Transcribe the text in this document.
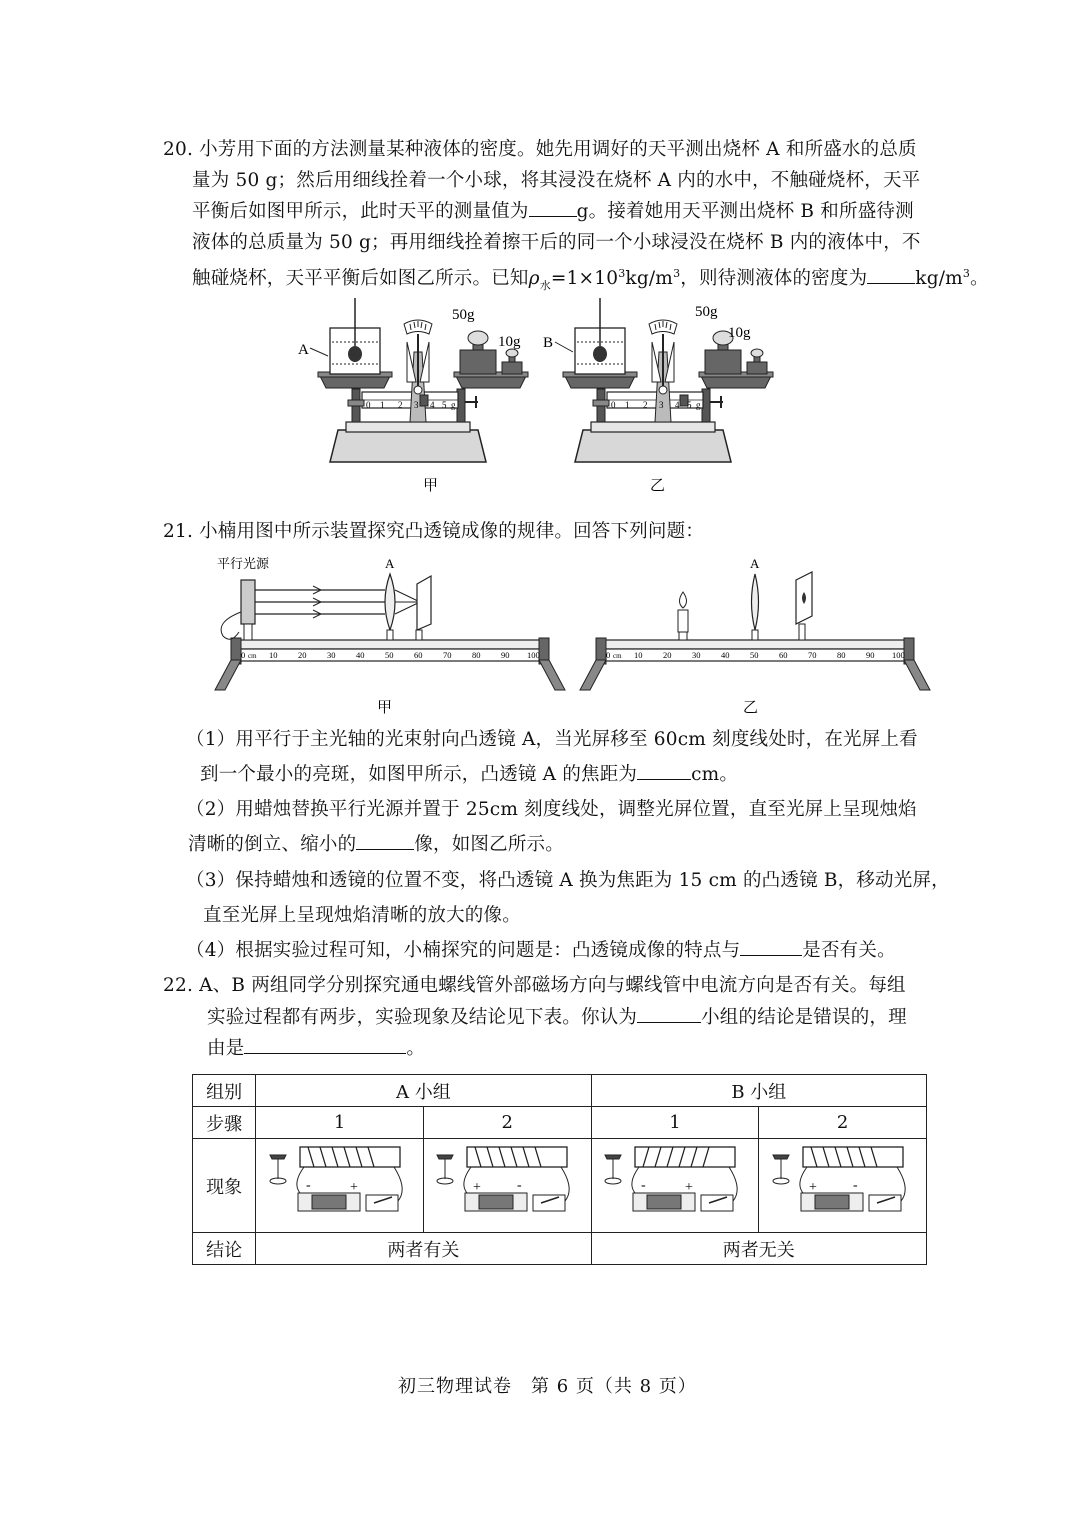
20. 小芳用下面的方法测量某种液体的密度。她先用调好的天平测出烧杯 A 和所盛水的总质
量为 50 g；然后用细线拴着一个小球，将其浸没在烧杯 A 内的水中，不触碰烧杯，天平
平衡后如图甲所示，此时天平的测量值为	g。接着她用天平测出烧杯 B 和所盛待测
液体的总质量为 50 g；再用细线拴着擦干后的同一个小球浸没在烧杯 B 内的液体中，不
触碰烧杯，天平平衡后如图乙所示。已知$\rho_水=1\times 10^3kg/m^3$，则待测液体的密度为	$kg/m^3$。
A
50g
10g B
50g
10g
0 1 2 3 4 5 g	0 1 2 3 4 5 g
甲	乙
21. 小楠用图中所示装置探究凸透镜成像的规律。回答下列问题：
平行光源	A	A
0 cm 10 20 30 40 50 60 70 80 90 100	0 cm 10 20 30 40 50 60 70 80 90 100
甲	乙
（1）用平行于主光轴的光束射向凸透镜 A，当光屏移至 60cm 刻度线处时，在光屏上看
到一个最小的亮斑，如图甲所示，凸透镜 A 的焦距为	cm。
（2）用蜡烛替换平行光源并置于 25cm 刻度线处，调整光屏位置，直至光屏上呈现烛焰
清晰的倒立、缩小的	像，如图乙所示。
（3）保持蜡烛和透镜的位置不变，将凸透镜 A 换为焦距为 15 cm 的凸透镜 B，移动光屏，
直至光屏上呈现烛焰清晰的放大的像。
（4）根据实验过程可知，小楠探究的问题是：凸透镜成像的特点与	是否有关。
22. A、B 两组同学分别探究通电螺线管外部磁场方向与螺线管中电流方向是否有关。每组
实验过程都有两步，实验现象及结论见下表。你认为	小组的结论是错误的，理
由是	。
组别	A 小组		B 小组	
步骤	1	2	1	2
现象	- +	+ -	- +	+ -

结论	两者有关		两者无关	
初三物理试卷　第 6 页（共 8 页）
